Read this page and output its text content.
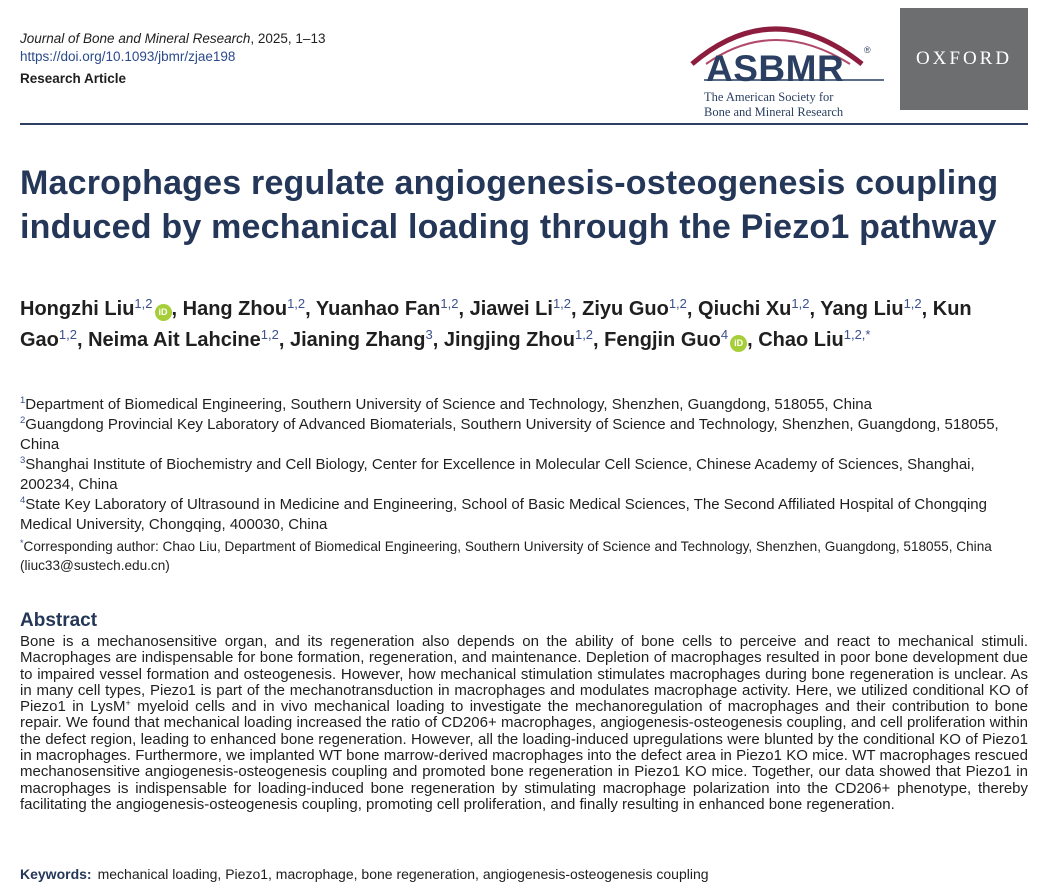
Journal of Bone and Mineral Research, 2025, 1–13
https://doi.org/10.1093/jbmr/zjae198
Research Article	ASBMR ®
The American Society for
Bone and Mineral Research
OXFORD
Macrophages regulate angiogenesis-osteogenesis coupling induced by mechanical loading through the Piezo1 pathway
Hongzhi Liu$^{1,2}$iD , Hang Zhou$^{1,2}$, Yuanhao Fan$^{1,2}$, Jiawei Li$^{1,2}$, Ziyu Guo$^{1,2}$, Qiuchi Xu$^{1,2}$, Yang Liu$^{1,2}$, Kun Gao$^{1,2}$, Neima Ait Lahcine$^{1,2}$, Jianing Zhang$^3$, Jingjing Zhou$^{1,2}$, Fengjin Guo$^4$iD , Chao Liu$^{1,2,*}$
$^1$Department of Biomedical Engineering, Southern University of Science and Technology, Shenzhen, Guangdong, 518055, China
$^2$Guangdong Provincial Key Laboratory of Advanced Biomaterials, Southern University of Science and Technology, Shenzhen, Guangdong, 518055, China
$^3$Shanghai Institute of Biochemistry and Cell Biology, Center for Excellence in Molecular Cell Science, Chinese Academy of Sciences, Shanghai, 200234, China
$^4$State Key Laboratory of Ultrasound in Medicine and Engineering, School of Basic Medical Sciences, The Second Affiliated Hospital of Chongqing Medical University, Chongqing, 400030, China
*Corresponding author: Chao Liu, Department of Biomedical Engineering, Southern University of Science and Technology, Shenzhen, Guangdong, 518055, China (liuc33@sustech.edu.cn)
Abstract

Bone is a mechanosensitive organ, and its regeneration also depends on the ability of bone cells to perceive and react to mechanical stimuli. Macrophages are indispensable for bone formation, regeneration, and maintenance. Depletion of macrophages resulted in poor bone development due to impaired vessel formation and osteogenesis. However, how mechanical stimulation stimulates macrophages during bone regeneration is unclear. As in many cell types, Piezo1 is part of the mechanotransduction in macrophages and modulates macrophage activity. Here, we utilized conditional KO of Piezo1 in LysM+ myeloid cells and in vivo mechanical loading to investigate the mechanoregulation of macrophages and their contribution to bone repair. We found that mechanical loading increased the ratio of CD206+ macrophages, angiogenesis-osteogenesis coupling, and cell proliferation within the defect region, leading to enhanced bone regeneration. However, all the loading-induced upregulations were blunted by the conditional KO of Piezo1 in macrophages. Furthermore, we implanted WT bone marrow-derived macrophages into the defect area in Piezo1 KO mice. WT macrophages rescued mechanosensitive angiogenesis-osteogenesis coupling and promoted bone regeneration in Piezo1 KO mice. Together, our data showed that Piezo1 in macrophages is indispensable for loading-induced bone regeneration by stimulating macrophage polarization into the CD206+ phenotype, thereby facilitating the angiogenesis-osteogenesis coupling, promoting cell proliferation, and finally resulting in enhanced bone regeneration.

Keywords: mechanical loading, Piezo1, macrophage, bone regeneration, angiogenesis-osteogenesis coupling
